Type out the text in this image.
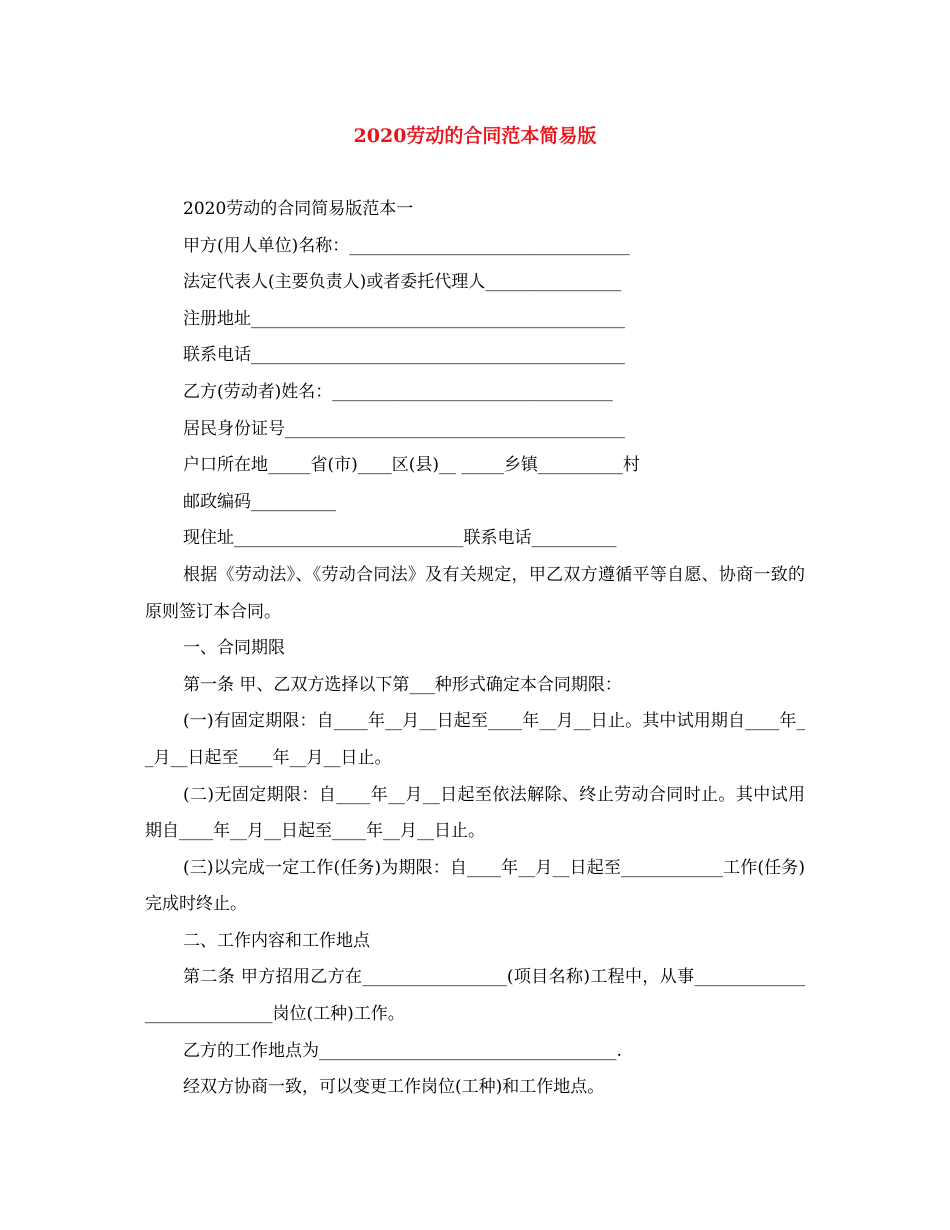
2020劳动的合同范本简易版

2020劳动的合同简易版范本一

甲方(用人单位)名称：_________________________________

法定代表人(主要负责人)或者委托代理人________________

注册地址____________________________________________

联系电话____________________________________________

乙方(劳动者)姓名：_________________________________

居民身份证号________________________________________

户口所在地_____省(市)____区(县)__ _____乡镇__________村

邮政编码__________

现住址___________________________联系电话__________

根据《劳动法》、《劳动合同法》及有关规定，甲乙双方遵循平等自愿、协商一致的原则签订本合同。

一、合同期限

第一条 甲、乙双方选择以下第___种形式确定本合同期限：

(一)有固定期限：自____年__月__日起至____年__月__日止。其中试用期自____年__月__日起至____年__月__日止。

(二)无固定期限：自____年__月__日起至依法解除、终止劳动合同时止。其中试用期自____年__月__日起至____年__月__日止。

(三)以完成一定工作(任务)为期限：自____年__月__日起至____________工作(任务)完成时终止。

二、工作内容和工作地点

第二条 甲方招用乙方在_________________(项目名称)工程中，从事____________________________岗位(工种)工作。

乙方的工作地点为___________________________________.

经双方协商一致，可以变更工作岗位(工种)和工作地点。
